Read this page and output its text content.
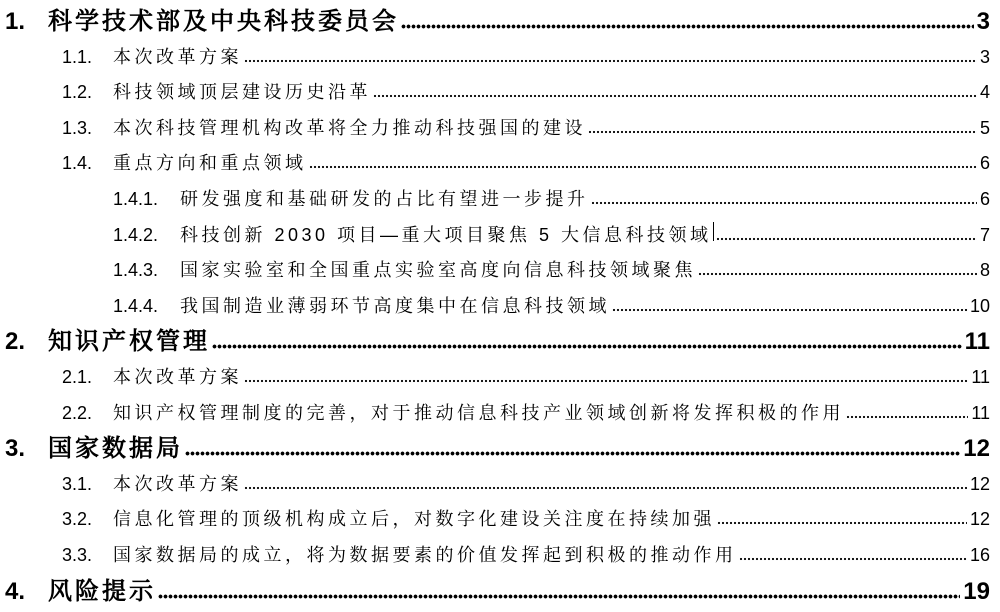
1. 科学技术部及中央科技委员会	3
1.1.	本次改革方案	3
1.2.	科技领域顶层建设历史沿革	4
1.3.	本次科技管理机构改革将全力推动科技强国的建设	5
1.4.	重点方向和重点领域	6
1.4.1.	研发强度和基础研发的占比有望进一步提升	6
1.4.2.	科技创新 2030 项目—重大项目聚焦 5 大信息科技领域	7
1.4.3.	国家实验室和全国重点实验室高度向信息科技领域聚焦	8
1.4.4.	我国制造业薄弱环节高度集中在信息科技领域	10
2. 知识产权管理	11
2.1.	本次改革方案	11
2.2.	知识产权管理制度的完善，对于推动信息科技产业领域创新将发挥积极的作用	11
3. 国家数据局	12
3.1.	本次改革方案	12
3.2.	信息化管理的顶级机构成立后，对数字化建设关注度在持续加强	12
3.3.	国家数据局的成立，将为数据要素的价值发挥起到积极的推动作用	16
4. 风险提示	19
